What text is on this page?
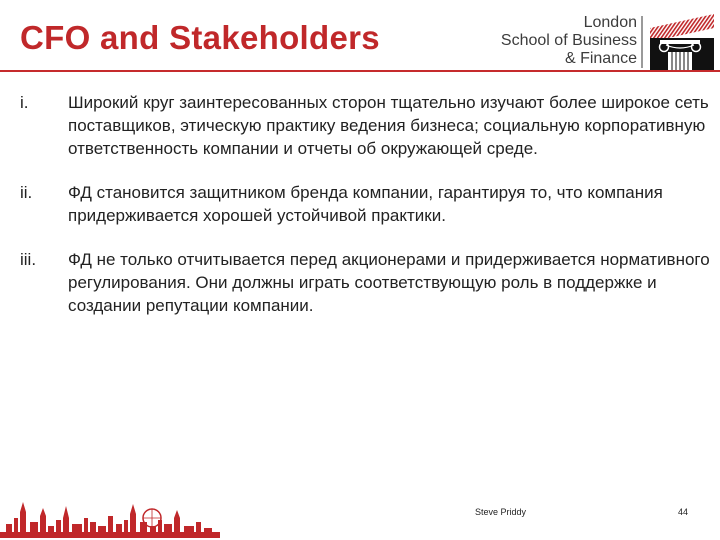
CFO and Stakeholders	London
School of Business
& Finance
i. Широкий круг заинтересованных сторон тщательно изучают более широкое сеть поставщиков, этическую практику ведения бизнеса; социальную корпоративную ответственность компании и отчеты об окружающей среде.
ii. ФД становится защитником бренда компании, гарантируя то, что компания придерживается хорошей устойчивой практики.
iii. ФД не только отчитывается перед акционерами и придерживается нормативного регулирования. Они должны играть соответствующую роль в поддержке и создании репутации компании.
Steve Priddy	44
